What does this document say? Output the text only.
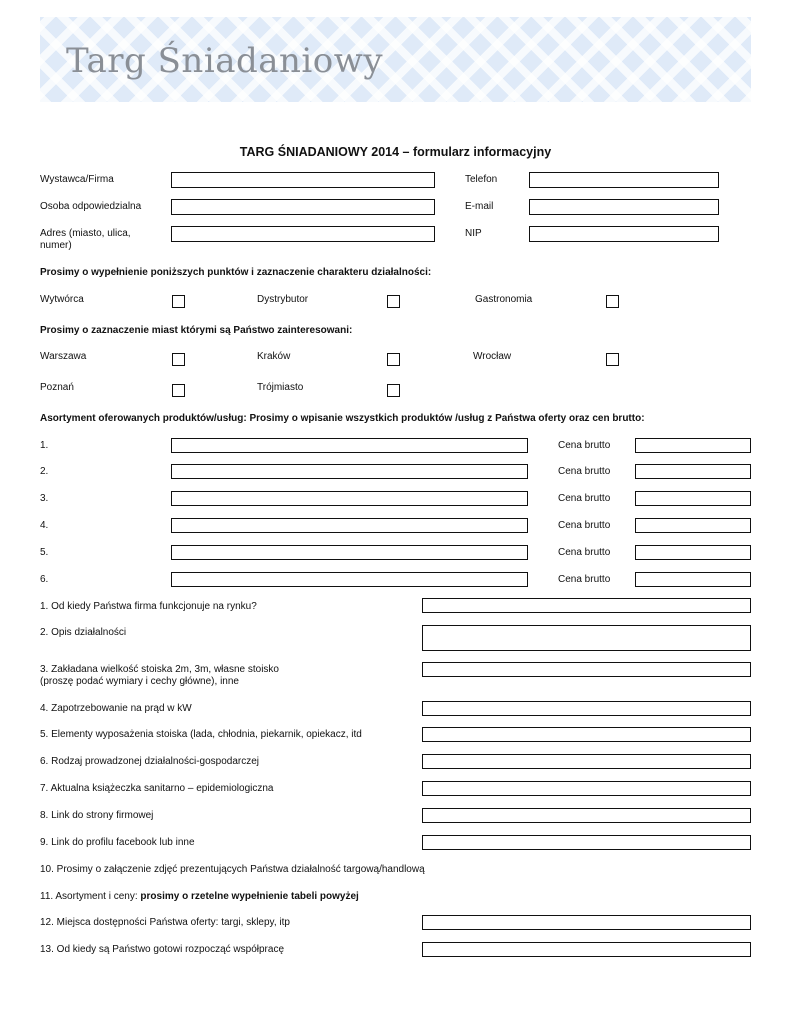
Targ Śniadaniowy
TARG ŚNIADANIOWY 2014 – formularz informacyjny
Wystawca/Firma	Telefon
Osoba odpowiedzialna	E-mail
Adres (miasto, ulica,
numer)
NIP
Prosimy o wypełnienie poniższych punktów i zaznaczenie charakteru działalności:
Wytwórca	Dystrybutor	Gastronomia
Prosimy o zaznaczenie miast którymi są Państwo zainteresowani:
Warszawa	Kraków	Wrocław
Poznań	Trójmiasto
Asortyment oferowanych produktów/usług: Prosimy o wpisanie wszystkich produktów /usług z Państwa oferty oraz cen brutto:
1.	Cena brutto
2.	Cena brutto
3.	Cena brutto
4.	Cena brutto
5.	Cena brutto
6.	Cena brutto
1. Od kiedy Państwa firma funkcjonuje na rynku?
2. Opis działalności
3. Zakładana wielkość stoiska 2m, 3m, własne stoisko
(proszę podać wymiary i cechy główne), inne
4. Zapotrzebowanie na prąd w kW
5. Elementy wyposażenia stoiska (lada, chłodnia, piekarnik, opiekacz, itd
6. Rodzaj prowadzonej działalności-gospodarczej
7. Aktualna książeczka sanitarno – epidemiologiczna
8. Link do strony firmowej
9. Link do profilu facebook lub inne
10. Prosimy o załączenie zdjęć prezentujących Państwa działalność targową/handlową
11. Asortyment i ceny: prosimy o rzetelne wypełnienie tabeli powyżej
12. Miejsca dostępności Państwa oferty: targi, sklepy, itp
13. Od kiedy są Państwo gotowi rozpocząć współpracę
